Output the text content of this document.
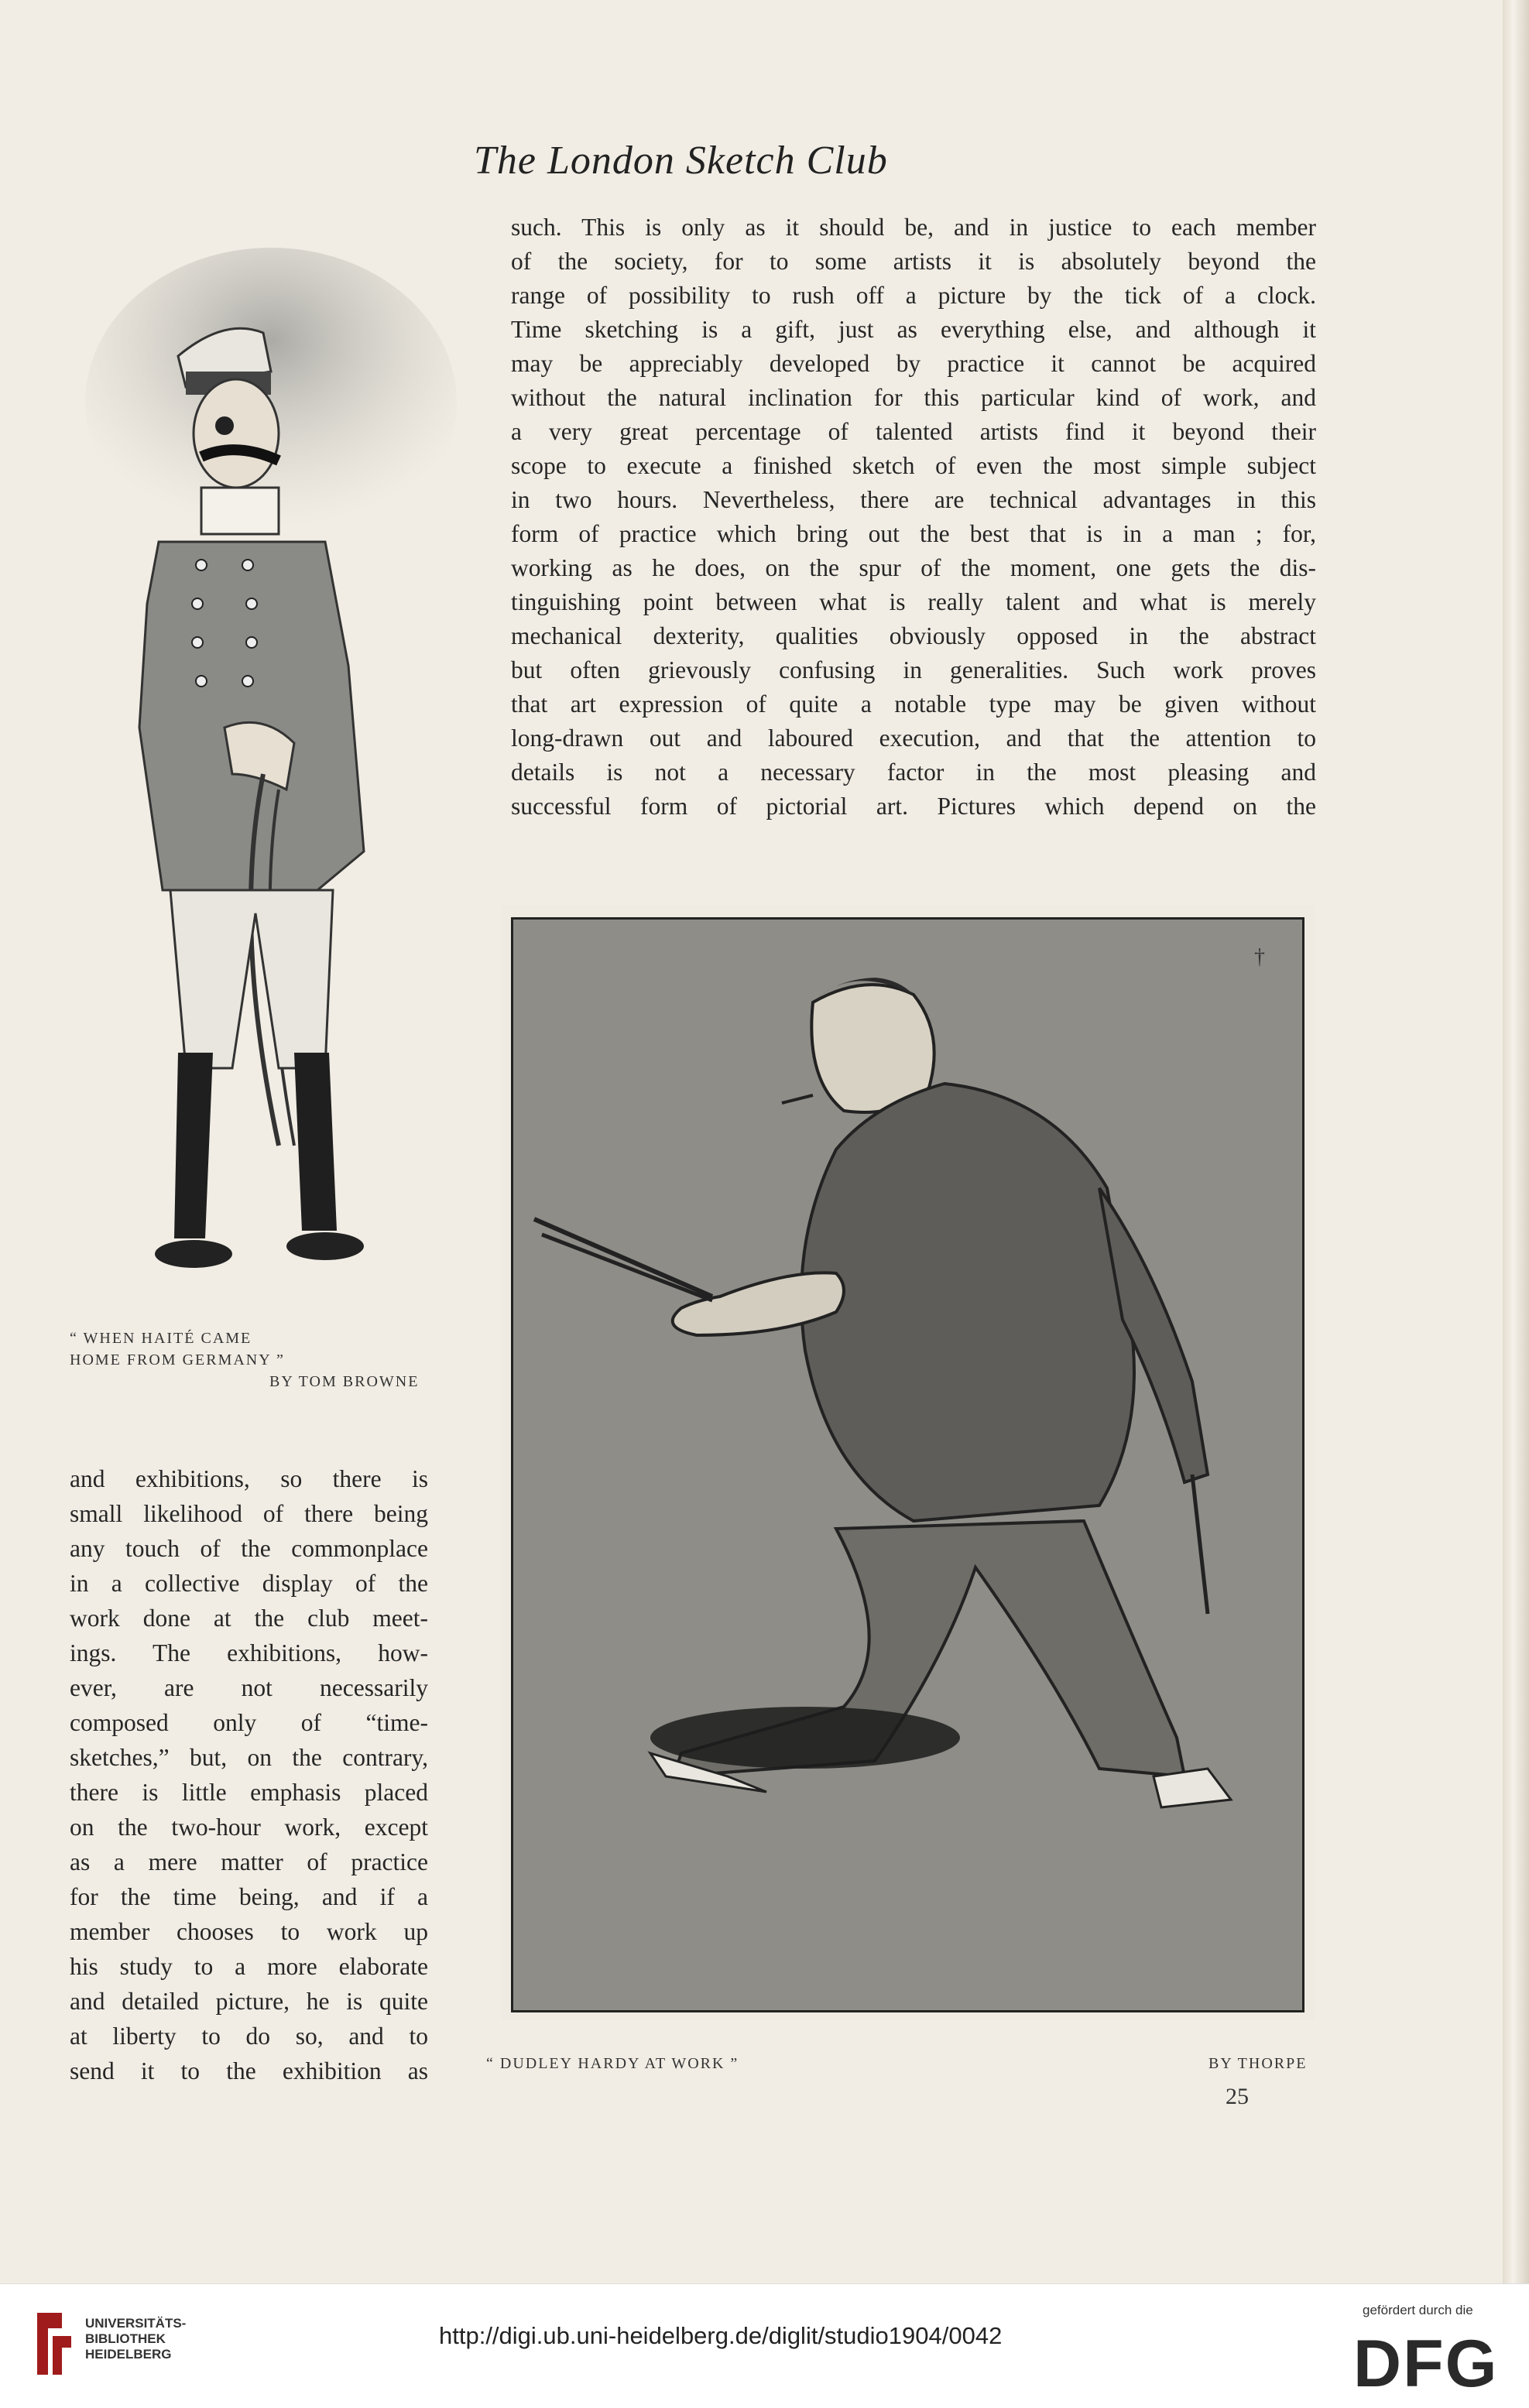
The London Sketch Club
such. This is only as it should be, and in justice to each member
of the society, for to some artists it is absolutely beyond the
range of possibility to rush off a picture by the tick of a clock.
Time sketching is a gift, just as everything else, and although it
may be appreciably developed by practice it cannot be acquired
without the natural inclination for this particular kind of work, and
a very great percentage of talented artists find it beyond their
scope to execute a finished sketch of even the most simple subject
in two hours. Nevertheless, there are technical advantages in this
form of practice which bring out the best that is in a man ; for,
working as he does, on the spur of the moment, one gets the dis-
tinguishing point between what is really talent and what is merely
mechanical dexterity, qualities obviously opposed in the abstract
but often grievously confusing in generalities. Such work proves
that art expression of quite a notable type may be given without
long-drawn out and laboured execution, and that the attention to
details is not a necessary factor in the most pleasing and
successful form of pictorial art. Pictures which depend on the
“ WHEN HAITÉ CAME
HOME FROM GERMANY ”
BY TOM BROWNE
and exhibitions, so there is
small likelihood of there being
any touch of the commonplace
in a collective display of the
work done at the club meet-
ings. The exhibitions, how-
ever, are not necessarily
composed only of “time-
sketches,” but, on the contrary,
there is little emphasis placed
on the two-hour work, except
as a mere matter of practice
for the time being, and if a
member chooses to work up
his study to a more elaborate
and detailed picture, he is quite
at liberty to do so, and to
send it to the exhibition as
†
“ DUDLEY HARDY AT WORK ”	BY THORPE
25
UNIVERSITÄTS-
BIBLIOTHEK
HEIDELBERG
http://digi.ub.uni-heidelberg.de/diglit/studio1904/0042
gefördert durch die
DFG
